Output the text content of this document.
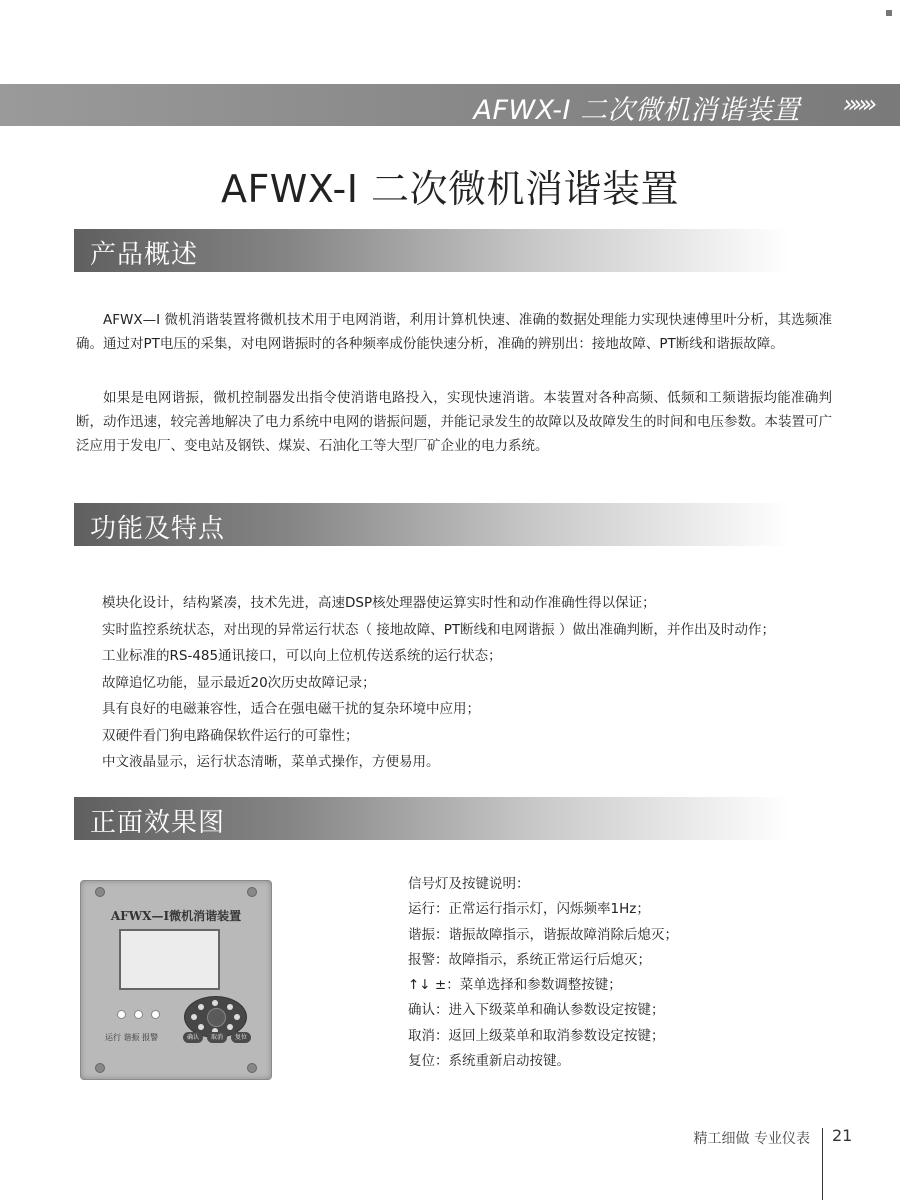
AFWX-I 二次微机消谐装置 »»»
AFWX-I 二次微机消谐装置
产品概述

AFWX—I 微机消谐装置将微机技术用于电网消谐，利用计算机快速、准确的数据处理能力实现快速傅里叶分析，其选频准确。通过对PT电压的采集，对电网谐振时的各种频率成份能快速分析，准确的辨别出：接地故障、PT断线和谐振故障。

如果是电网谐振，微机控制器发出指令使消谐电路投入，实现快速消谐。本装置对各种高频、低频和工频谐振均能准确判断，动作迅速，较完善地解决了电力系统中电网的谐振问题，并能记录发生的故障以及故障发生的时间和电压参数。本装置可广泛应用于发电厂、变电站及钢铁、煤炭、石油化工等大型厂矿企业的电力系统。

功能及特点
模块化设计，结构紧凑，技术先进，高速DSP核处理器使运算实时性和动作准确性得以保证；
实时监控系统状态，对出现的异常运行状态（ 接地故障、PT断线和电网谐振 ）做出准确判断，并作出及时动作；
工业标准的RS-485通讯接口，可以向上位机传送系统的运行状态；
故障追忆功能，显示最近20次历史故障记录；
具有良好的电磁兼容性，适合在强电磁干扰的复杂环境中应用；
双硬件看门狗电路确保软件运行的可靠性；
中文液晶显示，运行状态清晰，菜单式操作，方便易用。
正面效果图
AFWX—I微机消谐装置
运行 谐振 报警	确认	取消	复位
信号灯及按键说明：
运行：正常运行指示灯，闪烁频率1Hz；
谐振：谐振故障指示，谐振故障消除后熄灭；
报警：故障指示，系统正常运行后熄灭；
↑↓ ±：菜单选择和参数调整按键；
确认：进入下级菜单和确认参数设定按键；
取消：返回上级菜单和取消参数设定按键；
复位：系统重新启动按键。
精工细做 专业仪表 21
